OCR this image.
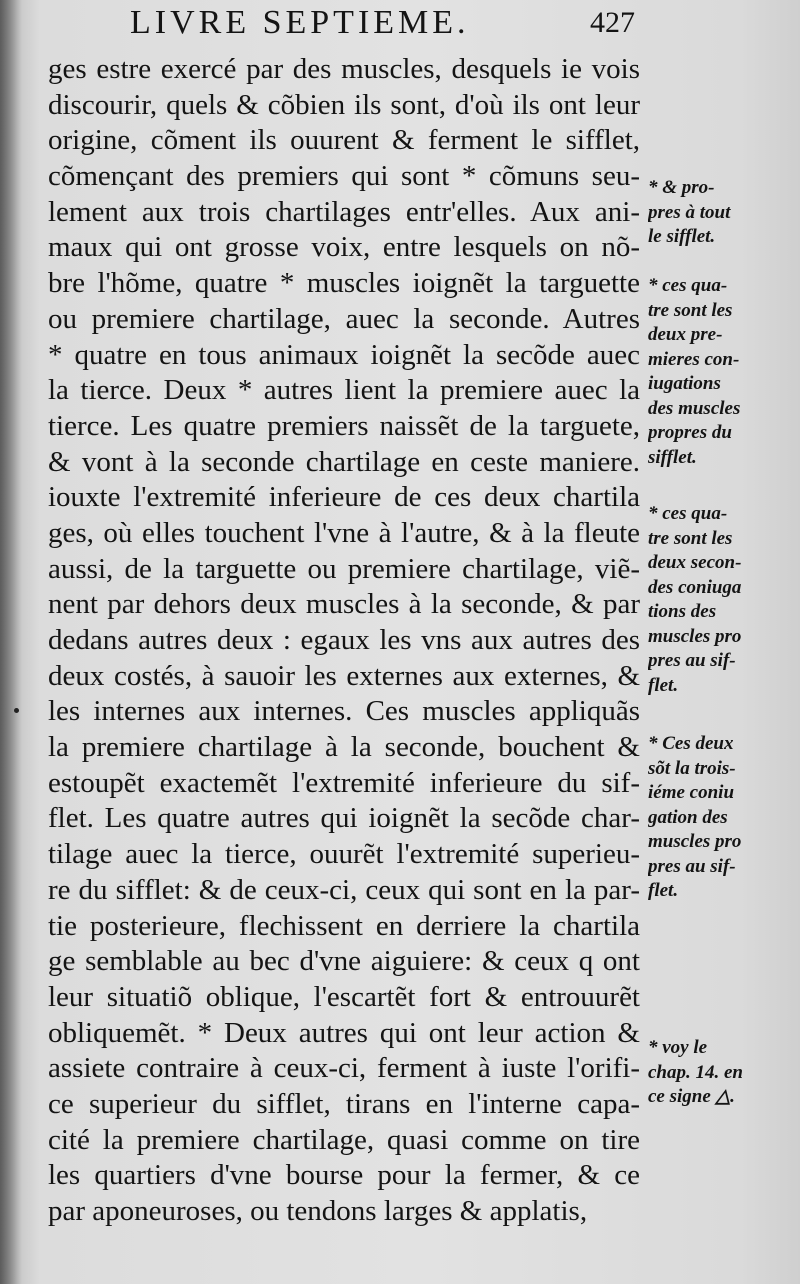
LIVRE SEPTIEME.	427
ges estre exercé par des muscles, desquels ie vois
discourir, quels & cõbien ils sont, d'où ils ont leur
origine, cõment ils ouurent & ferment le sifflet,
cõmençant des premiers qui sont * cõmuns seu-
lement aux trois chartilages entr'elles. Aux ani-
maux qui ont grosse voix, entre lesquels on nõ-
bre l'hõme, quatre * muscles ioignẽt la targuette
ou premiere chartilage, auec la seconde. Autres
* quatre en tous animaux ioignẽt la secõde auec
la tierce. Deux * autres lient la premiere auec la
tierce. Les quatre premiers naissẽt de la targuete,
& vont à la seconde chartilage en ceste maniere.
iouxte l'extremité inferieure de ces deux chartila
ges, où elles touchent l'vne à l'autre, & à la fleute
aussi, de la targuette ou premiere chartilage, viẽ-
nent par dehors deux muscles à la seconde, & par
dedans autres deux : egaux les vns aux autres des
deux costés, à sauoir les externes aux externes, &
les internes aux internes. Ces muscles appliquãs
la premiere chartilage à la seconde, bouchent &
estoupẽt exactemẽt l'extremité inferieure du sif-
flet. Les quatre autres qui ioignẽt la secõde char-
tilage auec la tierce, ouurẽt l'extremité superieu-
re du sifflet: & de ceux-ci, ceux qui sont en la par-
tie posterieure, flechissent en derriere la chartila
ge semblable au bec d'vne aiguiere: & ceux q ont
leur situatiõ oblique, l'escartẽt fort & entrouurẽt
obliquemẽt. * Deux autres qui ont leur action &
assiete contraire à ceux-ci, ferment à iuste l'orifi-
ce superieur du sifflet, tirans en l'interne capa-
cité la premiere chartilage, quasi comme on tire
les quartiers d'vne bourse pour la fermer, & ce
par aponeuroses, ou tendons larges & applatis,
* & pro-
pres à tout
le sifflet.
* ces qua-
tre sont les
deux pre-
mieres con-
iugations
des muscles
propres du
sifflet.
* ces qua-
tre sont les
deux secon-
des coniuga
tions des
muscles pro
pres au sif-
flet.
* Ces deux
sõt la trois-
iéme coniu
gation des
muscles pro
pres au sif-
flet.
* voy le
chap. 14. en
ce signe △.
